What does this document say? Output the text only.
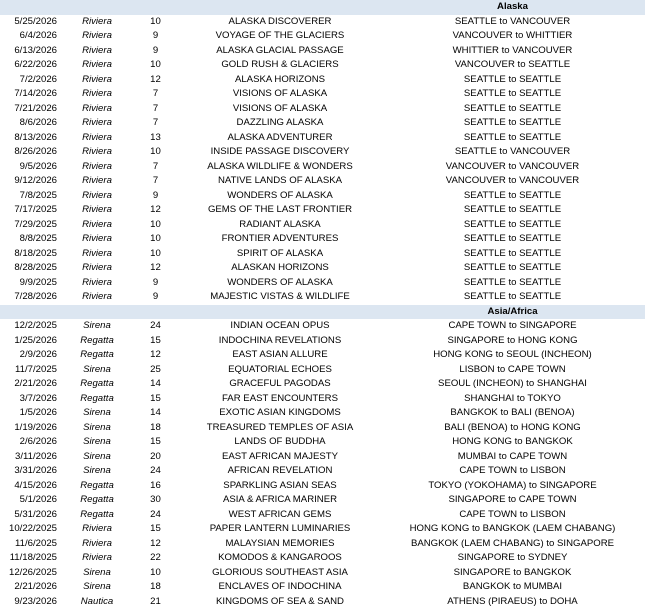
				Alaska
5/25/2026	Riviera	10	ALASKA DISCOVERER	SEATTLE to VANCOUVER
6/4/2026	Riviera	9	VOYAGE OF THE GLACIERS	VANCOUVER to WHITTIER
6/13/2026	Riviera	9	ALASKA GLACIAL PASSAGE	WHITTIER to VANCOUVER
6/22/2026	Riviera	10	GOLD RUSH & GLACIERS	VANCOUVER to SEATTLE
7/2/2026	Riviera	12	ALASKA HORIZONS	SEATTLE to SEATTLE
7/14/2026	Riviera	7	VISIONS OF ALASKA	SEATTLE to SEATTLE
7/21/2026	Riviera	7	VISIONS OF ALASKA	SEATTLE to SEATTLE
8/6/2026	Riviera	7	DAZZLING ALASKA	SEATTLE to SEATTLE
8/13/2026	Riviera	13	ALASKA ADVENTURER	SEATTLE to SEATTLE
8/26/2026	Riviera	10	INSIDE PASSAGE DISCOVERY	SEATTLE to VANCOUVER
9/5/2026	Riviera	7	ALASKA WILDLIFE & WONDERS	VANCOUVER to VANCOUVER
9/12/2026	Riviera	7	NATIVE LANDS OF ALASKA	VANCOUVER to VANCOUVER
7/8/2025	Riviera	9	WONDERS OF ALASKA	SEATTLE to SEATTLE
7/17/2025	Riviera	12	GEMS OF THE LAST FRONTIER	SEATTLE to SEATTLE
7/29/2025	Riviera	10	RADIANT ALASKA	SEATTLE to SEATTLE
8/8/2025	Riviera	10	FRONTIER ADVENTURES	SEATTLE to SEATTLE
8/18/2025	Riviera	10	SPIRIT OF ALASKA	SEATTLE to SEATTLE
8/28/2025	Riviera	12	ALASKAN HORIZONS	SEATTLE to SEATTLE
9/9/2025	Riviera	9	WONDERS OF ALASKA	SEATTLE to SEATTLE
7/28/2026	Riviera	9	MAJESTIC VISTAS & WILDLIFE	SEATTLE to SEATTLE
				Asia/Africa
12/2/2025	Sirena	24	INDIAN OCEAN OPUS	CAPE TOWN to SINGAPORE
1/25/2026	Regatta	15	INDOCHINA REVELATIONS	SINGAPORE to HONG KONG
2/9/2026	Regatta	12	EAST ASIAN ALLURE	HONG KONG to SEOUL (INCHEON)
11/7/2025	Sirena	25	EQUATORIAL ECHOES	LISBON to CAPE TOWN
2/21/2026	Regatta	14	GRACEFUL PAGODAS	SEOUL (INCHEON) to SHANGHAI
3/7/2026	Regatta	15	FAR EAST ENCOUNTERS	SHANGHAI to TOKYO
1/5/2026	Sirena	14	EXOTIC ASIAN KINGDOMS	BANGKOK to BALI (BENOA)
1/19/2026	Sirena	18	TREASURED TEMPLES OF ASIA	BALI (BENOA) to HONG KONG
2/6/2026	Sirena	15	LANDS OF BUDDHA	HONG KONG to BANGKOK
3/11/2026	Sirena	20	EAST AFRICAN MAJESTY	MUMBAI to CAPE TOWN
3/31/2026	Sirena	24	AFRICAN REVELATION	CAPE TOWN to LISBON
4/15/2026	Regatta	16	SPARKLING ASIAN SEAS	TOKYO (YOKOHAMA) to SINGAPORE
5/1/2026	Regatta	30	ASIA & AFRICA MARINER	SINGAPORE to CAPE TOWN
5/31/2026	Regatta	24	WEST AFRICAN GEMS	CAPE TOWN to LISBON
10/22/2025	Riviera	15	PAPER LANTERN LUMINARIES	HONG KONG to BANGKOK (LAEM CHABANG)
11/6/2025	Riviera	12	MALAYSIAN MEMORIES	BANGKOK (LAEM CHABANG) to SINGAPORE
11/18/2025	Riviera	22	KOMODOS & KANGAROOS	SINGAPORE to SYDNEY
12/26/2025	Sirena	10	GLORIOUS SOUTHEAST ASIA	SINGAPORE to BANGKOK
2/21/2026	Sirena	18	ENCLAVES OF INDOCHINA	BANGKOK to MUMBAI
9/23/2026	Nautica	21	KINGDOMS OF SEA & SAND	ATHENS (PIRAEUS) to DOHA
